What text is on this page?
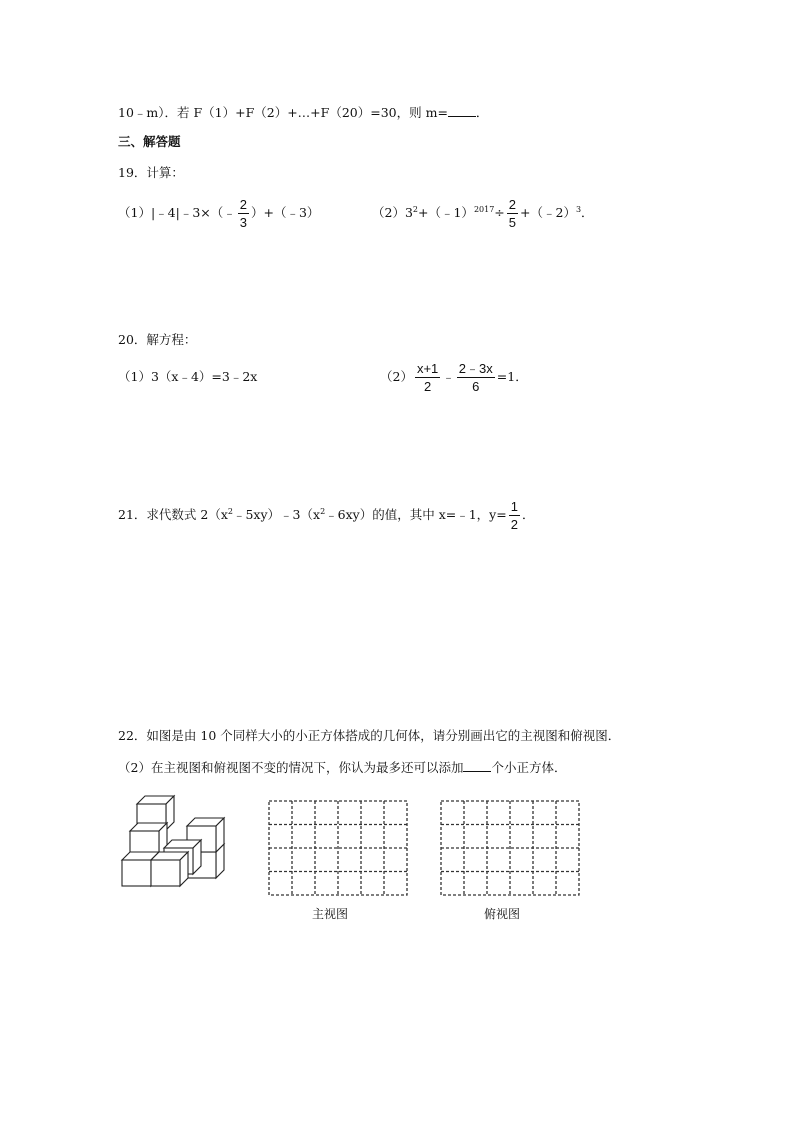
10﹣m）．若 F（1）+F（2）+…+F（20）=30，则 m= ．
三、解答题
19．计算：
（1）|﹣4|﹣3×（﹣ $\frac{2}{3}$ ）+（﹣3）	$(2)3^2+(﹣1)^{2017}\div \frac{2}{5}$ +（﹣2）$^3$．
20．解方程：
（1）3（x﹣4）=3﹣2x	$(2) \frac{x+1}{2}$ ﹣ $\frac{2﹣3x}{6} =1$．
21．求代数式 $2(x^2﹣5xy)﹣3(x^2﹣6xy)$的值，其中 x=﹣1，$y= \frac{1}{2}$ ．
22．如图是由 10 个同样大小的小正方体搭成的几何体，请分别画出它的主视图和俯视图．
（2）在主视图和俯视图不变的情况下，你认为最多还可以添加 个小正方体．
主视图	俯视图
